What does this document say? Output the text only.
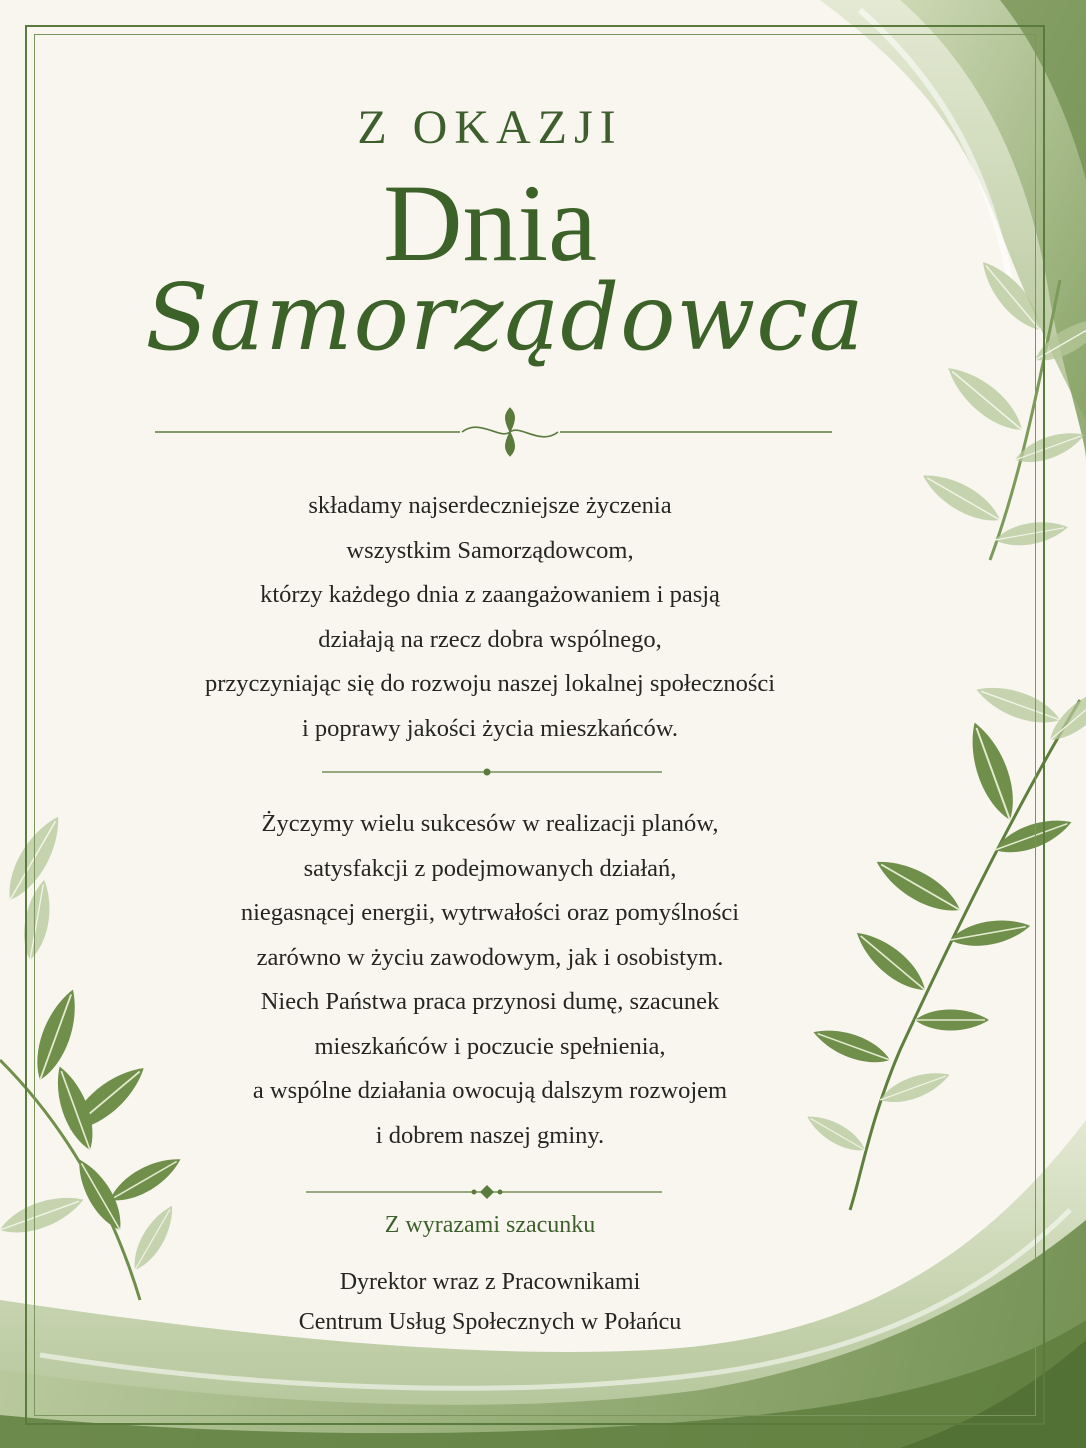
Z OKAZJI
Dnia
Samorządowca
składamy najserdeczniejsze życzenia
wszystkim Samorządowcom,
którzy każdego dnia z zaangażowaniem i pasją
działają na rzecz dobra wspólnego,
przyczyniając się do rozwoju naszej lokalnej społeczności
i poprawy jakości życia mieszkańców.
Życzymy wielu sukcesów w realizacji planów,
satysfakcji z podejmowanych działań,
niegasnącej energii, wytrwałości oraz pomyślności
zarówno w życiu zawodowym, jak i osobistym.
Niech Państwa praca przynosi dumę, szacunek
mieszkańców i poczucie spełnienia,
a wspólne działania owocują dalszym rozwojem
i dobrem naszej gminy.
Z wyrazami szacunku
Dyrektor wraz z Pracownikami
Centrum Usług Społecznych w Połańcu
